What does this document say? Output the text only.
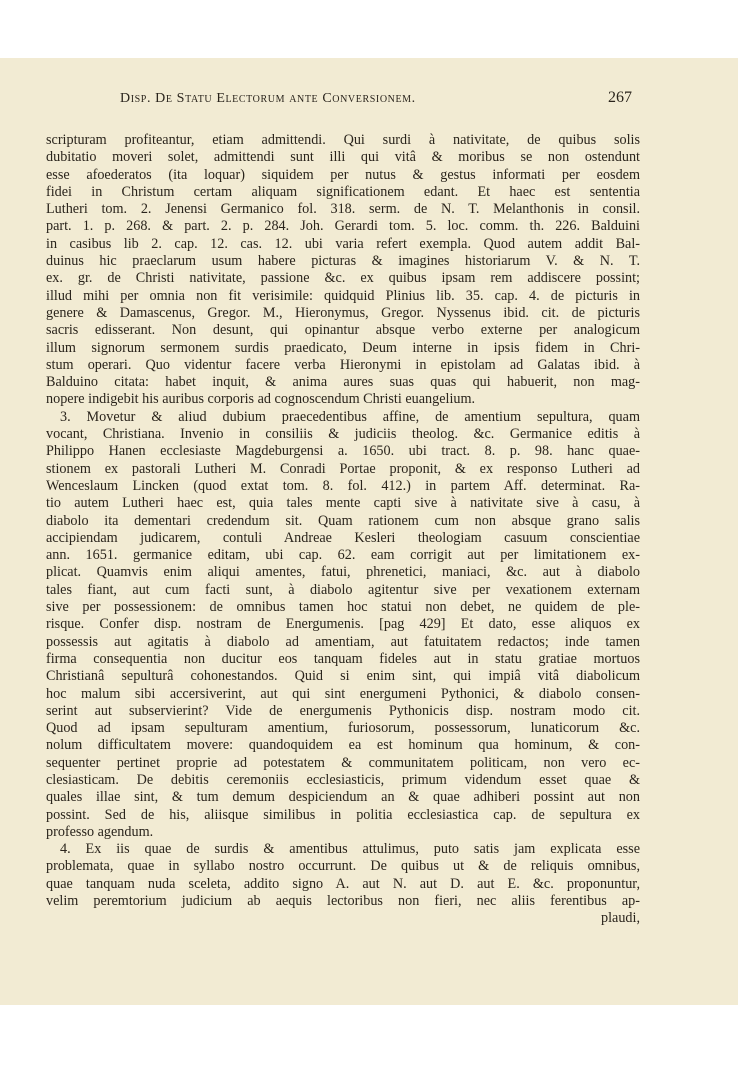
Disp. De Statu Electorum ante Conversionem.	267
scripturam profiteantur, etiam admittendi. Qui surdi à nativitate, de quibus solis
dubitatio moveri solet, admittendi sunt illi qui vitâ & moribus se non ostendunt
esse afoederatos (ita loquar) siquidem per nutus & gestus informati per eosdem
fidei in Christum certam aliquam significationem edant. Et haec est sententia
Lutheri tom. 2. Jenensi Germanico fol. 318. serm. de N. T. Melanthonis in consil.
part. 1. p. 268. & part. 2. p. 284. Joh. Gerardi tom. 5. loc. comm. th. 226. Balduini
in casibus lib 2. cap. 12. cas. 12. ubi varia refert exempla. Quod autem addit Bal-
duinus hic praeclarum usum habere picturas & imagines historiarum V. & N. T.
ex. gr. de Christi nativitate, passione &c. ex quibus ipsam rem addiscere possint;
illud mihi per omnia non fit verisimile: quidquid Plinius lib. 35. cap. 4. de picturis in
genere & Damascenus, Gregor. M., Hieronymus, Gregor. Nyssenus ibid. cit. de picturis
sacris edisserant. Non desunt, qui opinantur absque verbo externe per analogicum
illum signorum sermonem surdis praedicato, Deum interne in ipsis fidem in Chri-
stum operari. Quo videntur facere verba Hieronymi in epistolam ad Galatas ibid. à
Balduino citata: habet inquit, & anima aures suas quas qui habuerit, non mag-
nopere indigebit his auribus corporis ad cognoscendum Christi euangelium.
3. Movetur & aliud dubium praecedentibus affine, de amentium sepultura, quam
vocant, Christiana. Invenio in consiliis & judiciis theolog. &c. Germanice editis à
Philippo Hanen ecclesiaste Magdeburgensi a. 1650. ubi tract. 8. p. 98. hanc quae-
stionem ex pastorali Lutheri M. Conradi Portae proponit, & ex responso Lutheri ad
Wenceslaum Lincken (quod extat tom. 8. fol. 412.) in partem Aff. determinat. Ra-
tio autem Lutheri haec est, quia tales mente capti sive à nativitate sive à casu, à
diabolo ita dementari credendum sit. Quam rationem cum non absque grano salis
accipiendam judicarem, contuli Andreae Kesleri theologiam casuum conscientiae
ann. 1651. germanice editam, ubi cap. 62. eam corrigit aut per limitationem ex-
plicat. Quamvis enim aliqui amentes, fatui, phrenetici, maniaci, &c. aut à diabolo
tales fiant, aut cum facti sunt, à diabolo agitentur sive per vexationem externam
sive per possessionem: de omnibus tamen hoc statui non debet, ne quidem de ple-
risque. Confer disp. nostram de Energumenis. [pag 429] Et dato, esse aliquos ex
possessis aut agitatis à diabolo ad amentiam, aut fatuitatem redactos; inde tamen
firma consequentia non ducitur eos tanquam fideles aut in statu gratiae mortuos
Christianâ sepulturâ cohonestandos. Quid si enim sint, qui impiâ vitâ diabolicum
hoc malum sibi accersiverint, aut qui sint energumeni Pythonici, & diabolo consen-
serint aut subservierint? Vide de energumenis Pythonicis disp. nostram modo cit.
Quod ad ipsam sepulturam amentium, furiosorum, possessorum, lunaticorum &c.
nolum difficultatem movere: quandoquidem ea est hominum qua hominum, & con-
sequenter pertinet proprie ad potestatem & communitatem politicam, non vero ec-
clesiasticam. De debitis ceremoniis ecclesiasticis, primum videndum esset quae &
quales illae sint, & tum demum despiciendum an & quae adhiberi possint aut non
possint. Sed de his, aliisque similibus in politia ecclesiastica cap. de sepultura ex
professo agendum.
4. Ex iis quae de surdis & amentibus attulimus, puto satis jam explicata esse
problemata, quae in syllabo nostro occurrunt. De quibus ut & de reliquis omnibus,
quae tanquam nuda sceleta, addito signo A. aut N. aut D. aut E. &c. proponuntur,
velim peremtorium judicium ab aequis lectoribus non fieri, nec aliis ferentibus ap-
plaudi,
